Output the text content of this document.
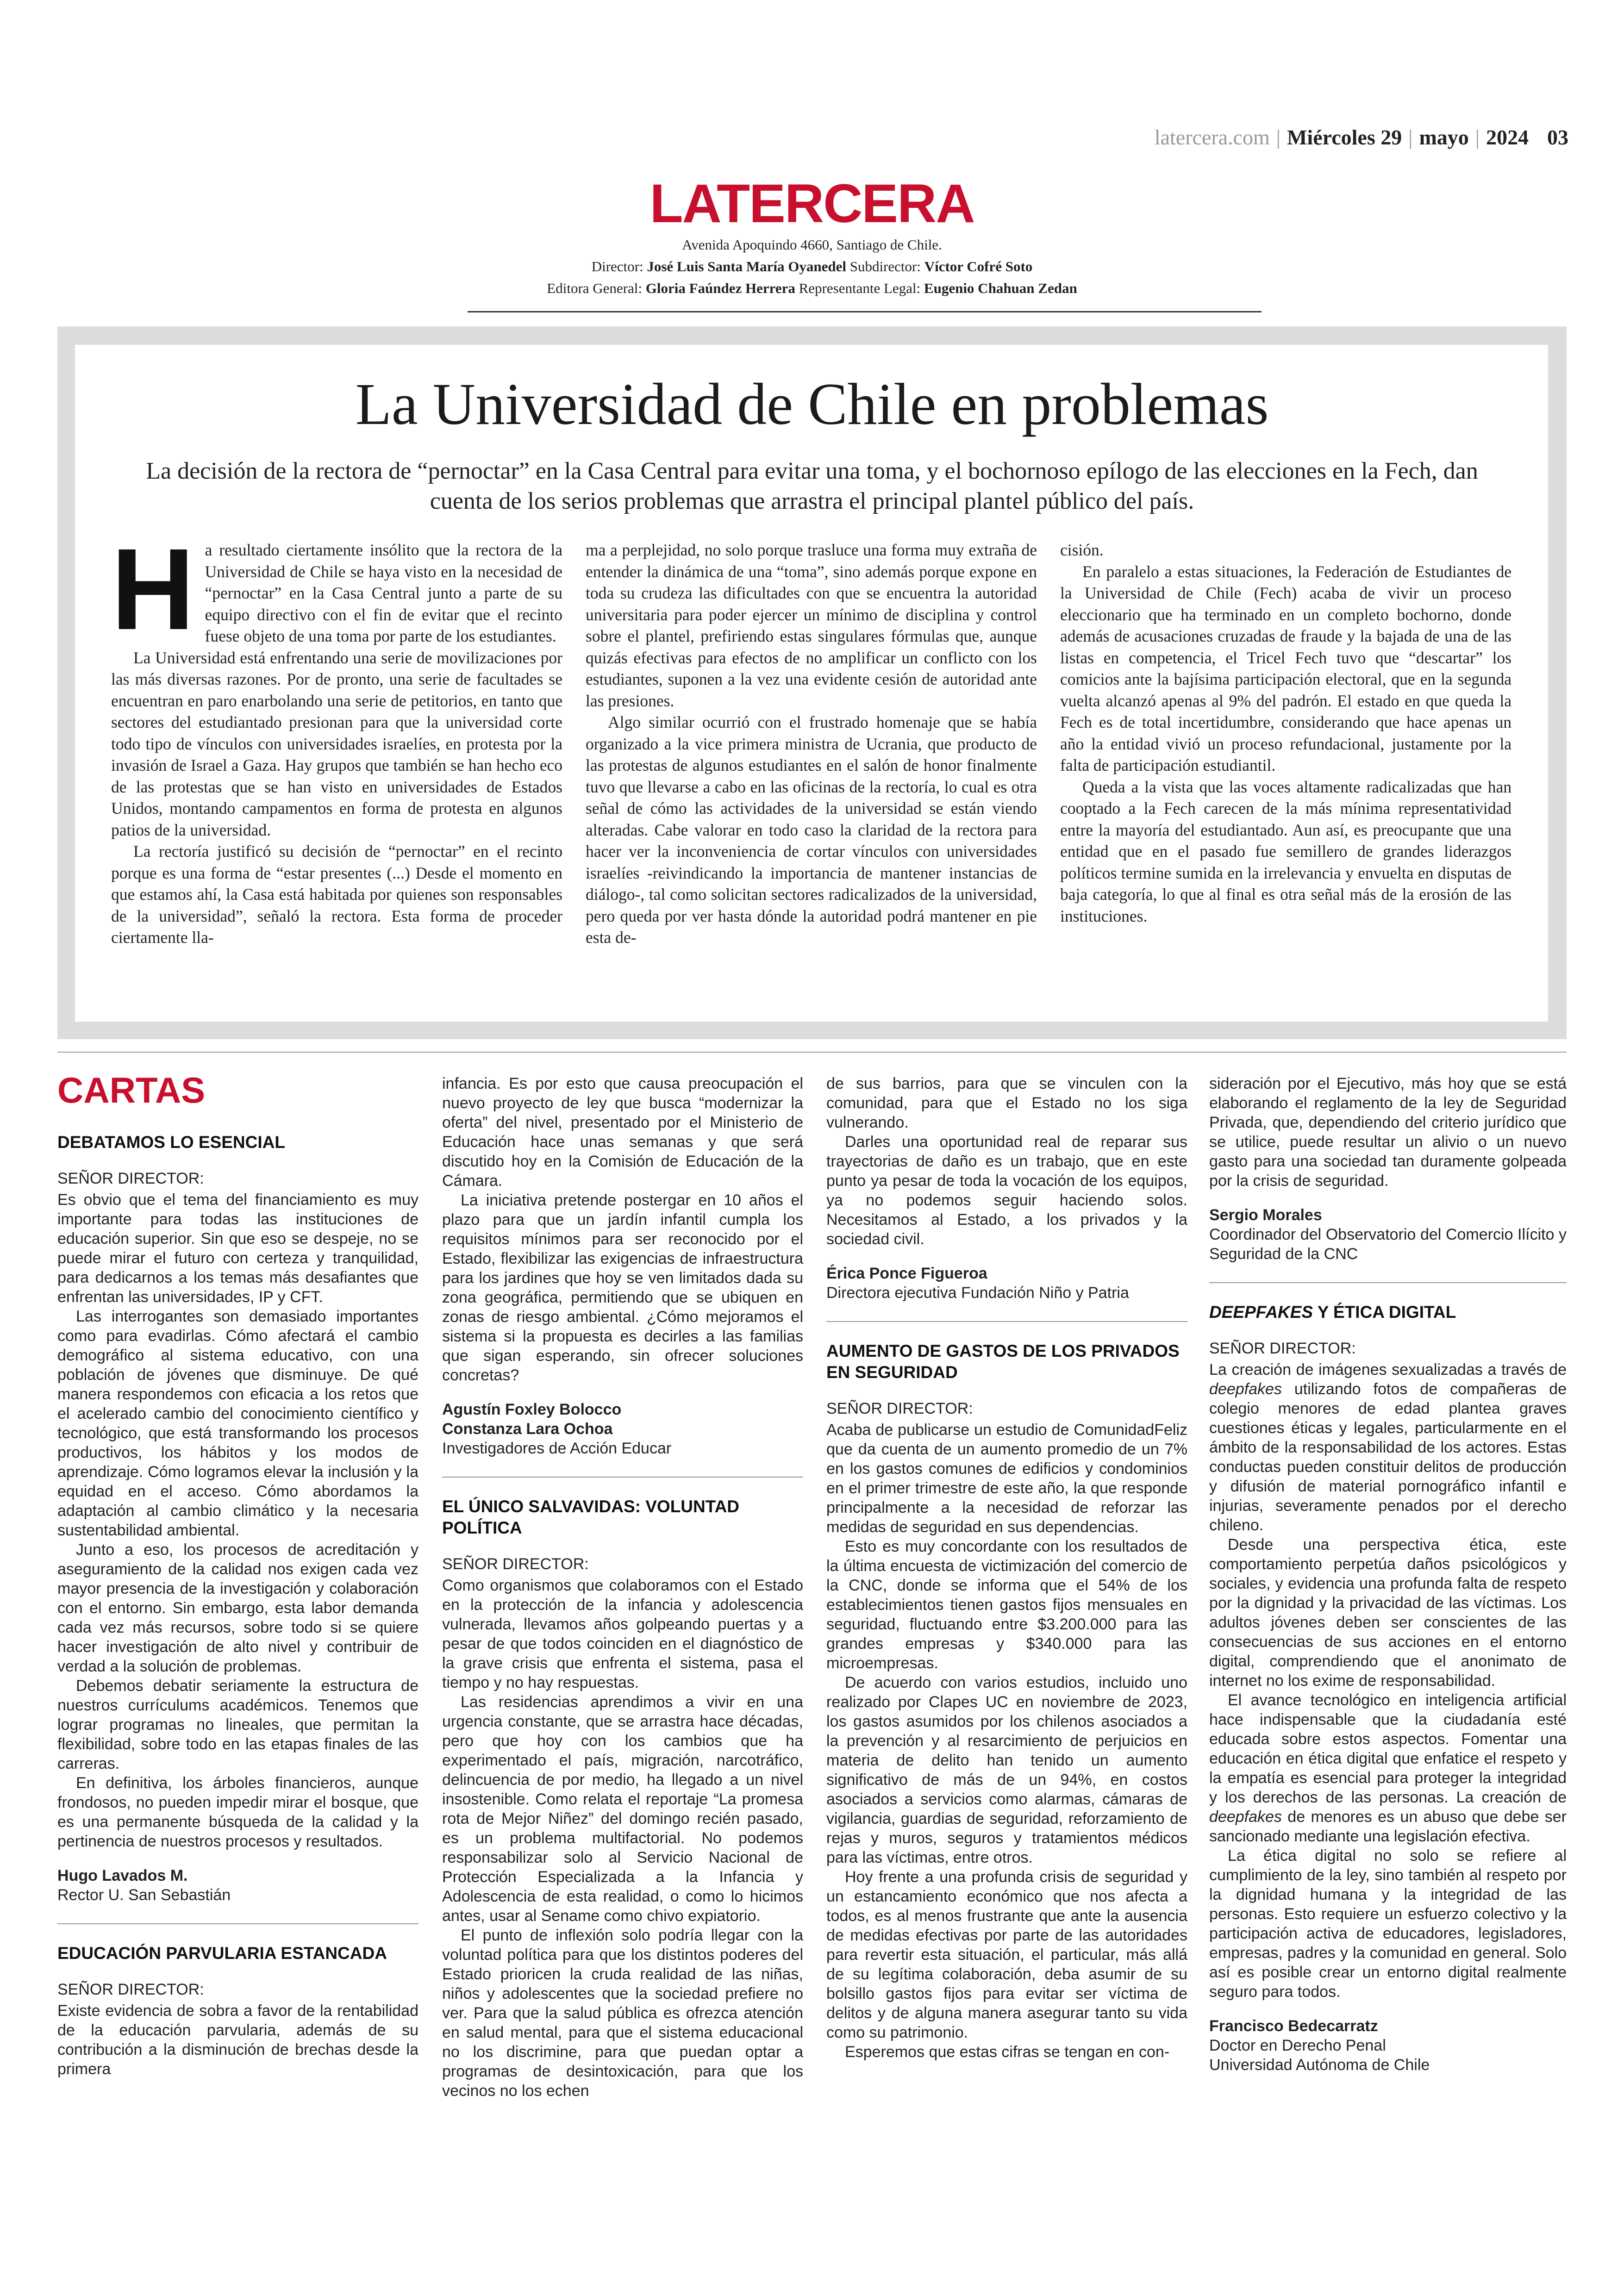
latercera.com | Miércoles 29 | mayo | 2024 03
LATERCERA
Avenida Apoquindo 4660, Santiago de Chile.
Director: José Luis Santa María Oyanedel Subdirector: Víctor Cofré Soto
Editora General: Gloria Faúndez Herrera Representante Legal: Eugenio Chahuan Zedan
La Universidad de Chile en problemas
La decisión de la rectora de “pernoctar” en la Casa Central para evitar una toma, y el bochornoso epílogo de las elecciones en la Fech, dan cuenta de los serios problemas que arrastra el principal plantel público del país.

Ha resultado ciertamente insólito que la rectora de la Universidad de Chile se haya visto en la necesidad de “pernoctar” en la Casa Central junto a parte de su equipo directivo con el fin de evitar que el recinto fuese objeto de una toma por parte de los estudiantes.

La Universidad está enfrentando una serie de movilizaciones por las más diversas razones. Por de pronto, una serie de facultades se encuentran en paro enarbolando una serie de petitorios, en tanto que sectores del estudiantado presionan para que la universidad corte todo tipo de vínculos con universidades israelíes, en protesta por la invasión de Israel a Gaza. Hay grupos que también se han hecho eco de las protestas que se han visto en universidades de Estados Unidos, montando campamentos en forma de protesta en algunos patios de la universidad.

La rectoría justificó su decisión de “pernoctar” en el recinto porque es una forma de “estar presentes (...) Desde el momento en que estamos ahí, la Casa está habitada por quienes son responsables de la universidad”, señaló la rectora. Esta forma de proceder ciertamente lla-

ma a perplejidad, no solo porque trasluce una forma muy extraña de entender la dinámica de una “toma”, sino además porque expone en toda su crudeza las dificultades con que se encuentra la autoridad universitaria para poder ejercer un mínimo de disciplina y control sobre el plantel, prefiriendo estas singulares fórmulas que, aunque quizás efectivas para efectos de no amplificar un conflicto con los estudiantes, suponen a la vez una evidente cesión de autoridad ante las presiones.

Algo similar ocurrió con el frustrado homenaje que se había organizado a la vice primera ministra de Ucrania, que producto de las protestas de algunos estudiantes en el salón de honor finalmente tuvo que llevarse a cabo en las oficinas de la rectoría, lo cual es otra señal de cómo las actividades de la universidad se están viendo alteradas. Cabe valorar en todo caso la claridad de la rectora para hacer ver la inconveniencia de cortar vínculos con universidades israelíes -reivindicando la importancia de mantener instancias de diálogo-, tal como solicitan sectores radicalizados de la universidad, pero queda por ver hasta dónde la autoridad podrá mantener en pie esta de-

cisión.

En paralelo a estas situaciones, la Federación de Estudiantes de la Universidad de Chile (Fech) acaba de vivir un proceso eleccionario que ha terminado en un completo bochorno, donde además de acusaciones cruzadas de fraude y la bajada de una de las listas en competencia, el Tricel Fech tuvo que “descartar” los comicios ante la bajísima participación electoral, que en la segunda vuelta alcanzó apenas al 9% del padrón. El estado en que queda la Fech es de total incertidumbre, considerando que hace apenas un año la entidad vivió un proceso refundacional, justamente por la falta de participación estudiantil.

Queda a la vista que las voces altamente radicalizadas que han cooptado a la Fech carecen de la más mínima representatividad entre la mayoría del estudiantado. Aun así, es preocupante que una entidad que en el pasado fue semillero de grandes liderazgos políticos termine sumida en la irrelevancia y envuelta en disputas de baja categoría, lo que al final es otra señal más de la erosión de las instituciones.

CARTAS
DEBATAMOS LO ESENCIAL

SEÑOR DIRECTOR:

Es obvio que el tema del financiamiento es muy importante para todas las instituciones de educación superior. Sin que eso se despeje, no se puede mirar el futuro con certeza y tranquilidad, para dedicarnos a los temas más desafiantes que enfrentan las universidades, IP y CFT.

Las interrogantes son demasiado importantes como para evadirlas. Cómo afectará el cambio demográfico al sistema educativo, con una población de jóvenes que disminuye. De qué manera respondemos con eficacia a los retos que el acelerado cambio del conocimiento científico y tecnológico, que está transformando los procesos productivos, los hábitos y los modos de aprendizaje. Cómo logramos elevar la inclusión y la equidad en el acceso. Cómo abordamos la adaptación al cambio climático y la necesaria sustentabilidad ambiental.

Junto a eso, los procesos de acreditación y aseguramiento de la calidad nos exigen cada vez mayor presencia de la investigación y colaboración con el entorno. Sin embargo, esta labor demanda cada vez más recursos, sobre todo si se quiere hacer investigación de alto nivel y contribuir de verdad a la solución de problemas.

Debemos debatir seriamente la estructura de nuestros currículums académicos. Tenemos que lograr programas no lineales, que permitan la flexibilidad, sobre todo en las etapas finales de las carreras.

En definitiva, los árboles financieros, aunque frondosos, no pueden impedir mirar el bosque, que es una permanente búsqueda de la calidad y la pertinencia de nuestros procesos y resultados.

Hugo Lavados M.

Rector U. San Sebastián

EDUCACIÓN PARVULARIA ESTANCADA

SEÑOR DIRECTOR:

Existe evidencia de sobra a favor de la rentabilidad de la educación parvularia, además de su contribución a la disminución de brechas desde la primera

infancia. Es por esto que causa preocupación el nuevo proyecto de ley que busca “modernizar la oferta” del nivel, presentado por el Ministerio de Educación hace unas semanas y que será discutido hoy en la Comisión de Educación de la Cámara.

La iniciativa pretende postergar en 10 años el plazo para que un jardín infantil cumpla los requisitos mínimos para ser reconocido por el Estado, flexibilizar las exigencias de infraestructura para los jardines que hoy se ven limitados dada su zona geográfica, permitiendo que se ubiquen en zonas de riesgo ambiental. ¿Cómo mejoramos el sistema si la propuesta es decirles a las familias que sigan esperando, sin ofrecer soluciones concretas?

Agustín Foxley Bolocco

Constanza Lara Ochoa

Investigadores de Acción Educar

EL ÚNICO SALVAVIDAS: VOLUNTAD POLÍTICA

SEÑOR DIRECTOR:

Como organismos que colaboramos con el Estado en la protección de la infancia y adolescencia vulnerada, llevamos años golpeando puertas y a pesar de que todos coinciden en el diagnóstico de la grave crisis que enfrenta el sistema, pasa el tiempo y no hay respuestas.

Las residencias aprendimos a vivir en una urgencia constante, que se arrastra hace décadas, pero que hoy con los cambios que ha experimentado el país, migración, narcotráfico, delincuencia de por medio, ha llegado a un nivel insostenible. Como relata el reportaje “La promesa rota de Mejor Niñez” del domingo recién pasado, es un problema multifactorial. No podemos responsabilizar solo al Servicio Nacional de Protección Especializada a la Infancia y Adolescencia de esta realidad, o como lo hicimos antes, usar al Sename como chivo expiatorio.

El punto de inflexión solo podría llegar con la voluntad política para que los distintos poderes del Estado prioricen la cruda realidad de las niñas, niños y adolescentes que la sociedad prefiere no ver. Para que la salud pública es ofrezca atención en salud mental, para que el sistema educacional no los discrimine, para que puedan optar a programas de desintoxicación, para que los vecinos no los echen

de sus barrios, para que se vinculen con la comunidad, para que el Estado no los siga vulnerando.

Darles una oportunidad real de reparar sus trayectorias de daño es un trabajo, que en este punto ya pesar de toda la vocación de los equipos, ya no podemos seguir haciendo solos. Necesitamos al Estado, a los privados y la sociedad civil.

Érica Ponce Figueroa

Directora ejecutiva Fundación Niño y Patria

AUMENTO DE GASTOS DE LOS PRIVADOS EN SEGURIDAD

SEÑOR DIRECTOR:

Acaba de publicarse un estudio de ComunidadFeliz que da cuenta de un aumento promedio de un 7% en los gastos comunes de edificios y condominios en el primer trimestre de este año, la que responde principalmente a la necesidad de reforzar las medidas de seguridad en sus dependencias.

Esto es muy concordante con los resultados de la última encuesta de victimización del comercio de la CNC, donde se informa que el 54% de los establecimientos tienen gastos fijos mensuales en seguridad, fluctuando entre $3.200.000 para las grandes empresas y $340.000 para las microempresas.

De acuerdo con varios estudios, incluido uno realizado por Clapes UC en noviembre de 2023, los gastos asumidos por los chilenos asociados a la prevención y al resarcimiento de perjuicios en materia de delito han tenido un aumento significativo de más de un 94%, en costos asociados a servicios como alarmas, cámaras de vigilancia, guardias de seguridad, reforzamiento de rejas y muros, seguros y tratamientos médicos para las víctimas, entre otros.

Hoy frente a una profunda crisis de seguridad y un estancamiento económico que nos afecta a todos, es al menos frustrante que ante la ausencia de medidas efectivas por parte de las autoridades para revertir esta situación, el particular, más allá de su legítima colaboración, deba asumir de su bolsillo gastos fijos para evitar ser víctima de delitos y de alguna manera asegurar tanto su vida como su patrimonio.

Esperemos que estas cifras se tengan en con-

sideración por el Ejecutivo, más hoy que se está elaborando el reglamento de la ley de Seguridad Privada, que, dependiendo del criterio jurídico que se utilice, puede resultar un alivio o un nuevo gasto para una sociedad tan duramente golpeada por la crisis de seguridad.

Sergio Morales

Coordinador del Observatorio del Comercio Ilícito y Seguridad de la CNC

DEEPFAKES Y ÉTICA DIGITAL

SEÑOR DIRECTOR:

La creación de imágenes sexualizadas a través de deepfakes utilizando fotos de compañeras de colegio menores de edad plantea graves cuestiones éticas y legales, particularmente en el ámbito de la responsabilidad de los actores. Estas conductas pueden constituir delitos de producción y difusión de material pornográfico infantil e injurias, severamente penados por el derecho chileno.

Desde una perspectiva ética, este comportamiento perpetúa daños psicológicos y sociales, y evidencia una profunda falta de respeto por la dignidad y la privacidad de las víctimas. Los adultos jóvenes deben ser conscientes de las consecuencias de sus acciones en el entorno digital, comprendiendo que el anonimato de internet no los exime de responsabilidad.

El avance tecnológico en inteligencia artificial hace indispensable que la ciudadanía esté educada sobre estos aspectos. Fomentar una educación en ética digital que enfatice el respeto y la empatía es esencial para proteger la integridad y los derechos de las personas. La creación de deepfakes de menores es un abuso que debe ser sancionado mediante una legislación efectiva.

La ética digital no solo se refiere al cumplimiento de la ley, sino también al respeto por la dignidad humana y la integridad de las personas. Esto requiere un esfuerzo colectivo y la participación activa de educadores, legisladores, empresas, padres y la comunidad en general. Solo así es posible crear un entorno digital realmente seguro para todos.

Francisco Bedecarratz

Doctor en Derecho Penal

Universidad Autónoma de Chile
